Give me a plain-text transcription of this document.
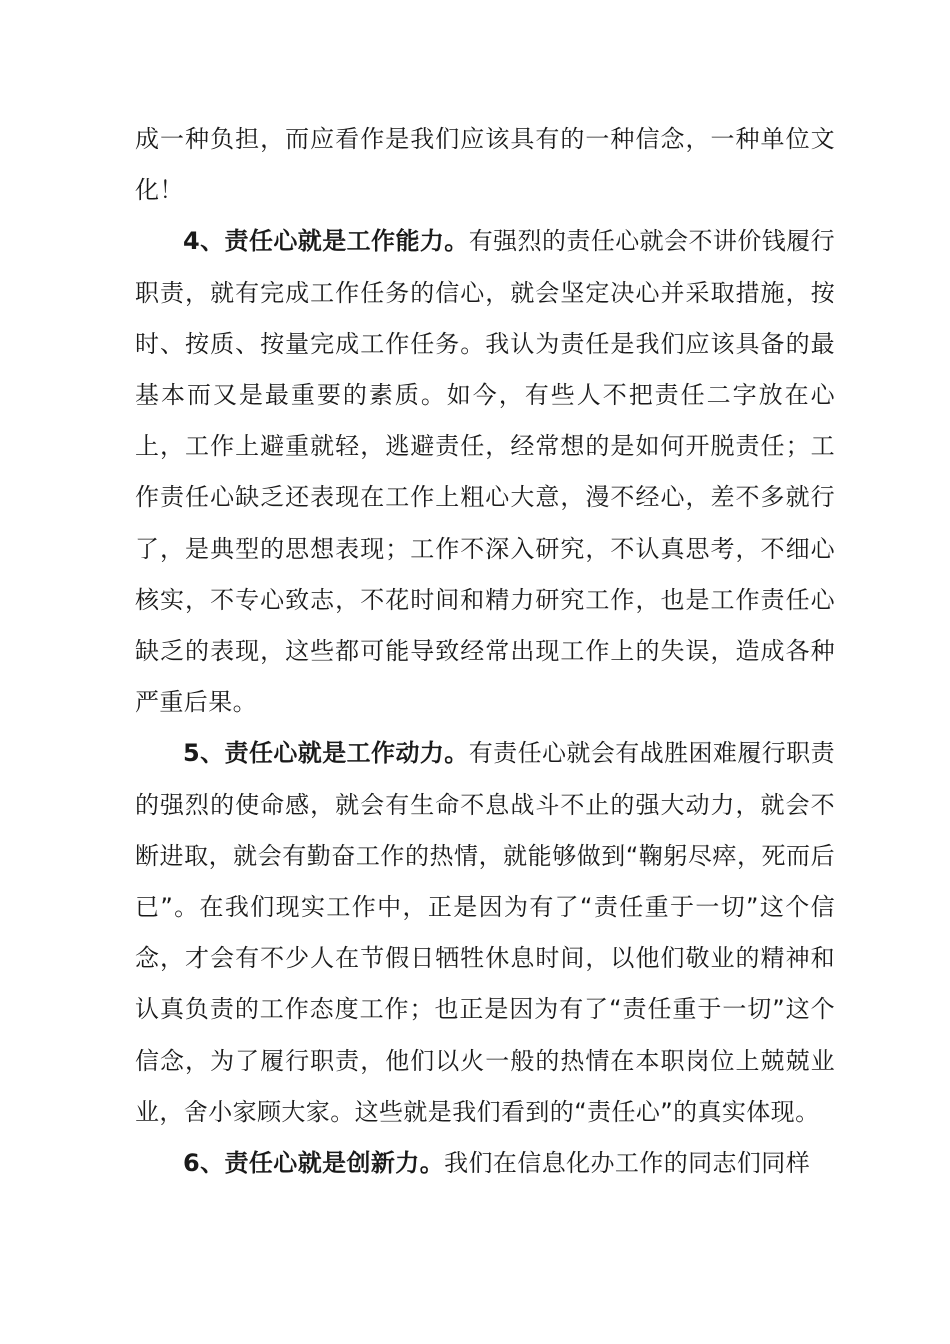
成一种负担，而应看作是我们应该具有的一种信念，一种单位文化！

4、责任心就是工作能力。有强烈的责任心就会不讲价钱履行职责，就有完成工作任务的信心，就会坚定决心并采取措施，按时、按质、按量完成工作任务。我认为责任是我们应该具备的最基本而又是最重要的素质。如今，有些人不把责任二字放在心上，工作上避重就轻，逃避责任，经常想的是如何开脱责任；工作责任心缺乏还表现在工作上粗心大意，漫不经心，差不多就行了，是典型的思想表现；工作不深入研究，不认真思考，不细心核实，不专心致志，不花时间和精力研究工作，也是工作责任心缺乏的表现，这些都可能导致经常出现工作上的失误，造成各种严重后果。

5、责任心就是工作动力。有责任心就会有战胜困难履行职责的强烈的使命感，就会有生命不息战斗不止的强大动力，就会不断进取，就会有勤奋工作的热情，就能够做到“鞠躬尽瘁，死而后已”。在我们现实工作中，正是因为有了“责任重于一切”这个信念，才会有不少人在节假日牺牲休息时间，以他们敬业的精神和认真负责的工作态度工作；也正是因为有了“责任重于一切”这个信念，为了履行职责，他们以火一般的热情在本职岗位上兢兢业业，舍小家顾大家。这些就是我们看到的“责任心”的真实体现。

6、责任心就是创新力。我们在信息化办工作的同志们同样
